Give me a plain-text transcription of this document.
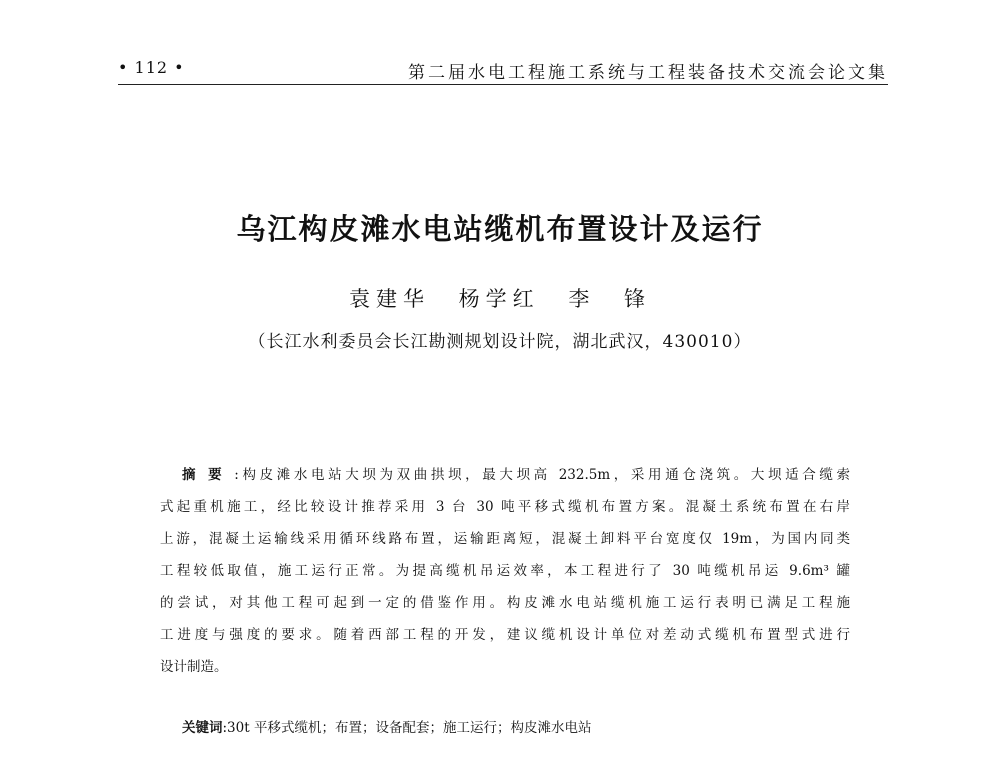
• 112 •	第二届水电工程施工系统与工程装备技术交流会论文集
乌江构皮滩水电站缆机布置设计及运行
袁建华 杨学红 李 锋
（长江水利委员会长江勘测规划设计院，湖北武汉，430010）
摘要:构皮滩水电站大坝为双曲拱坝，最大坝高 232.5m，采用通仓浇筑。大坝适合缆索
式起重机施工，经比较设计推荐采用 3 台 30 吨平移式缆机布置方案。混凝土系统布置在右岸
上游，混凝土运输线采用循环线路布置，运输距离短，混凝土卸料平台宽度仅 19m，为国内同类
工程较低取值，施工运行正常。为提高缆机吊运效率，本工程进行了 30 吨缆机吊运 9.6m³ 罐
的尝试，对其他工程可起到一定的借鉴作用。构皮滩水电站缆机施工运行表明已满足工程施
工进度与强度的要求。随着西部工程的开发，建议缆机设计单位对差动式缆机布置型式进行
设计制造。
关键词:30t 平移式缆机；布置；设备配套；施工运行；构皮滩水电站
